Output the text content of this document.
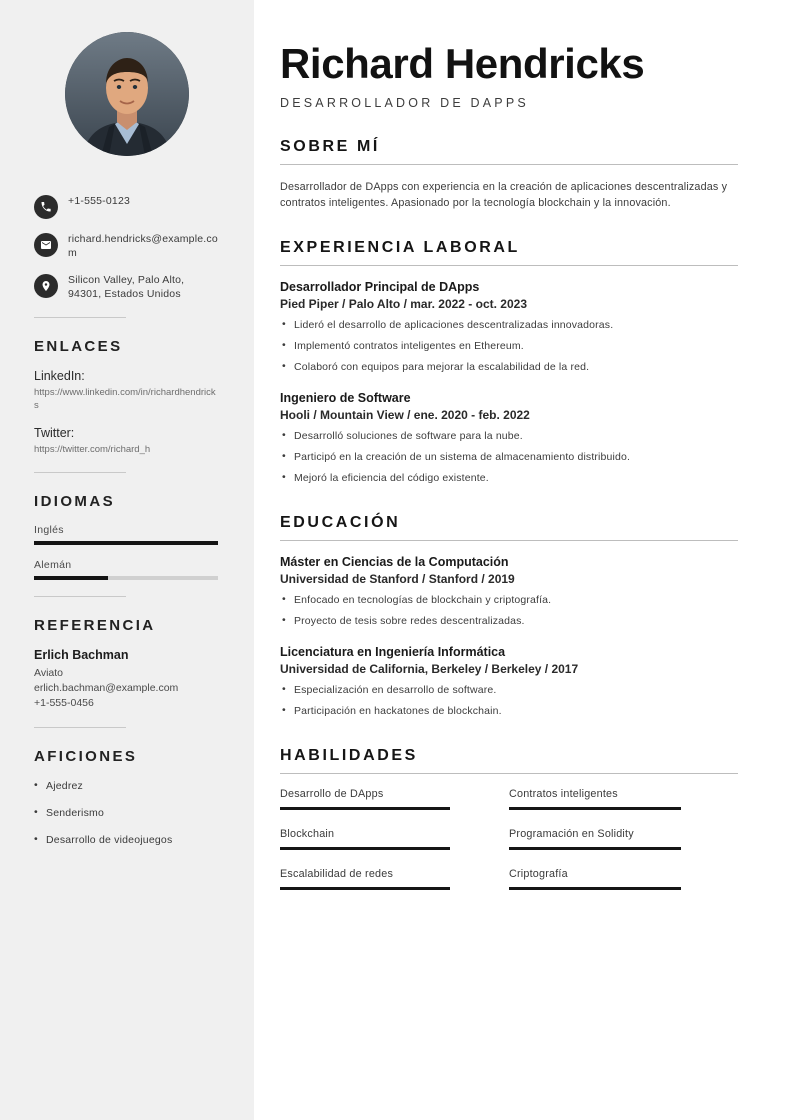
+1-555-0123
richard.hendricks@example.com
Silicon Valley, Palo Alto, 94301, Estados Unidos
ENLACES
LinkedIn:
https://www.linkedin.com/in/richardhendricks
Twitter:
https://twitter.com/richard_h
IDIOMAS
Inglés
Alemán
REFERENCIA
Erlich Bachman
Aviato
erlich.bachman@example.com
+1-555-0456
AFICIONES
• Ajedrez
• Senderismo
• Desarrollo de videojuegos
Richard Hendricks
DESARROLLADOR DE DAPPS
SOBRE MÍ

Desarrollador de DApps con experiencia en la creación de aplicaciones descentralizadas y contratos inteligentes. Apasionado por la tecnología blockchain y la innovación.

EXPERIENCIA LABORAL
Desarrollador Principal de DApps
Pied Piper / Palo Alto / mar. 2022 - oct. 2023
• Lideró el desarrollo de aplicaciones descentralizadas innovadoras.
• Implementó contratos inteligentes en Ethereum.
• Colaboró con equipos para mejorar la escalabilidad de la red.
Ingeniero de Software
Hooli / Mountain View / ene. 2020 - feb. 2022
• Desarrolló soluciones de software para la nube.
• Participó en la creación de un sistema de almacenamiento distribuido.
• Mejoró la eficiencia del código existente.
EDUCACIÓN
Máster en Ciencias de la Computación
Universidad de Stanford / Stanford / 2019
• Enfocado en tecnologías de blockchain y criptografía.
• Proyecto de tesis sobre redes descentralizadas.
Licenciatura en Ingeniería Informática
Universidad de California, Berkeley / Berkeley / 2017
• Especialización en desarrollo de software.
• Participación en hackatones de blockchain.
HABILIDADES
Desarrollo de DApps	Contratos inteligentes
Blockchain	Programación en Solidity
Escalabilidad de redes	Criptografía
